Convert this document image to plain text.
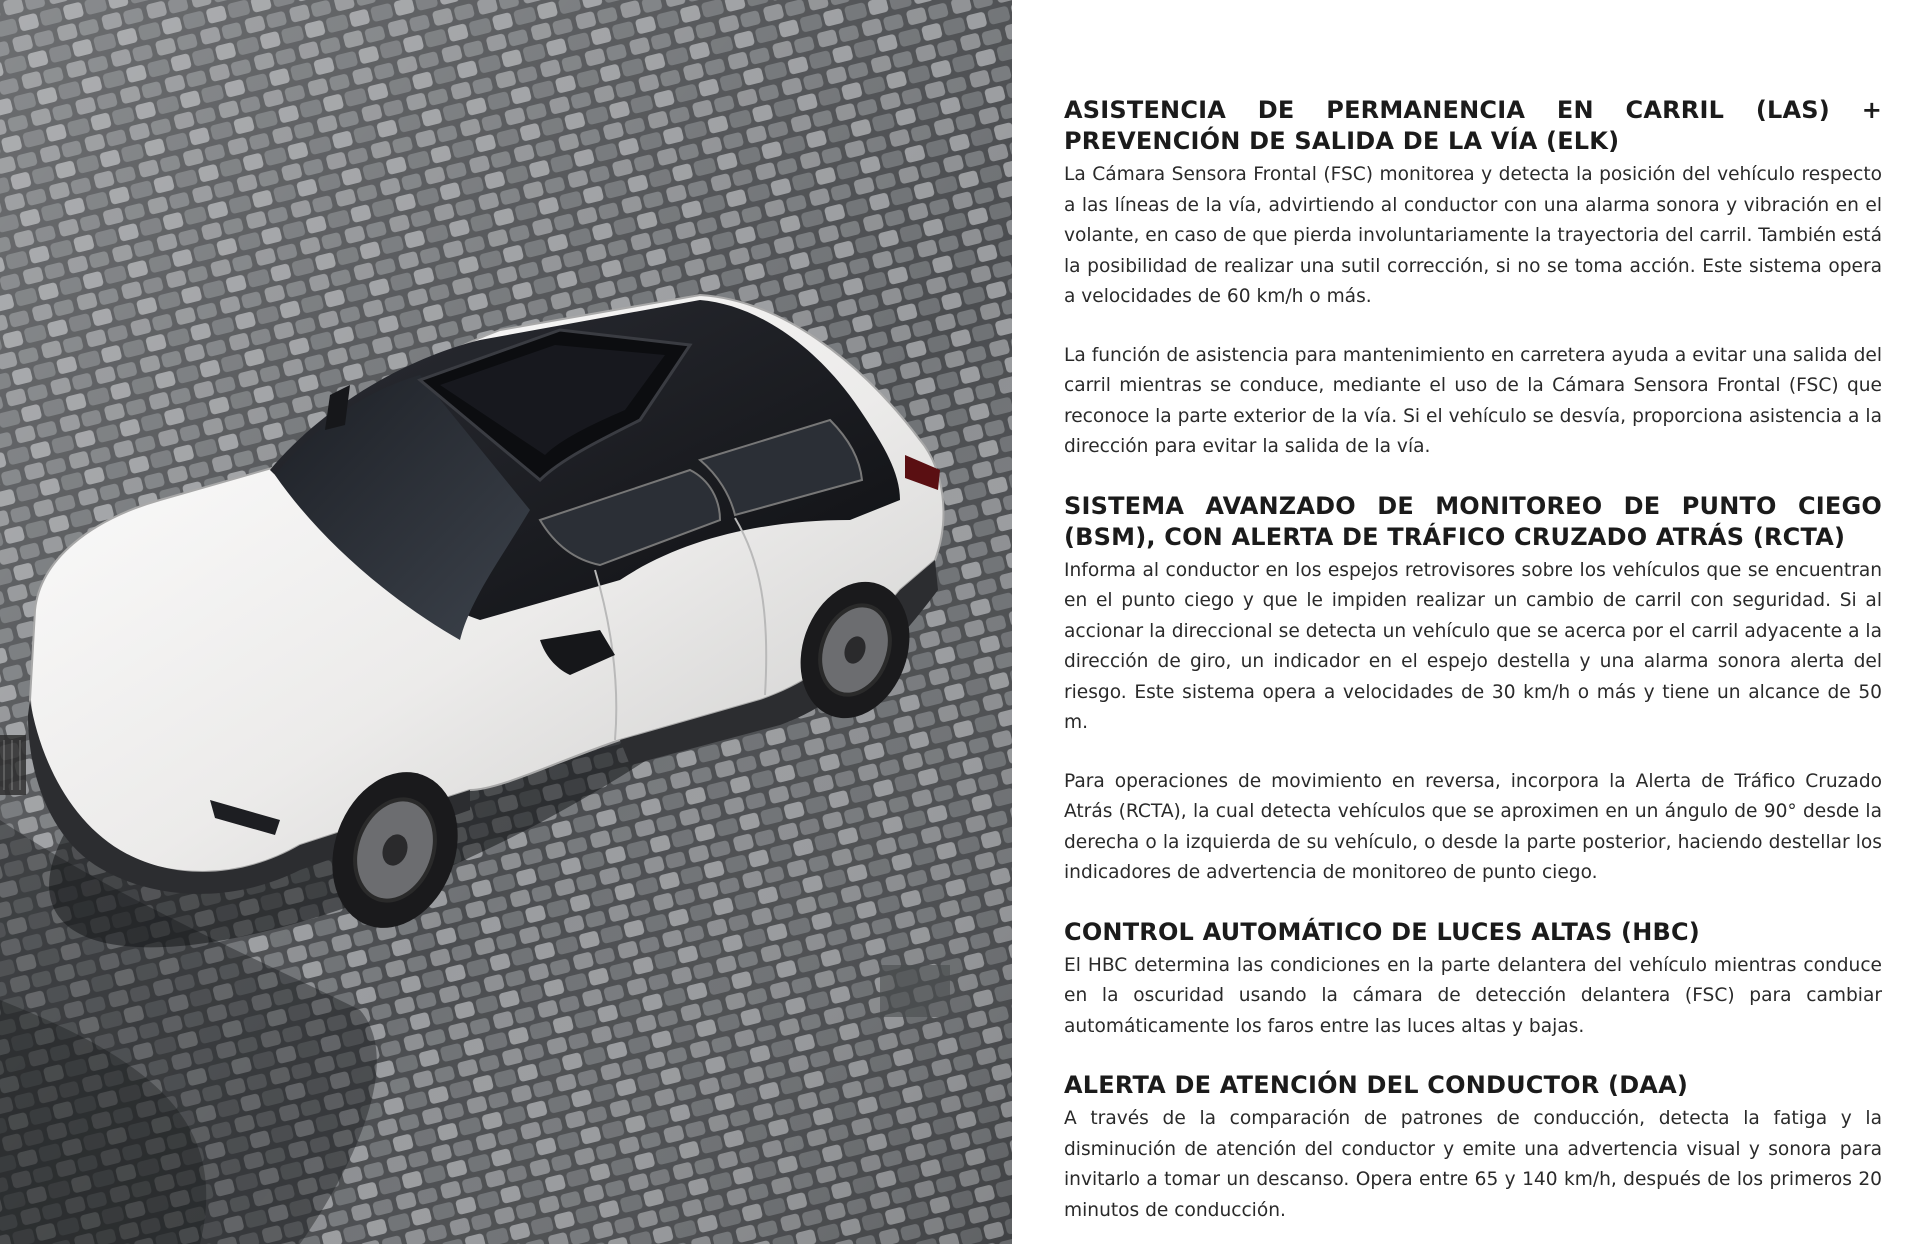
ASISTENCIA DE PERMANENCIA EN CARRIL (LAS) + PREVENCIÓN DE SALIDA DE LA VÍA (ELK)

La Cámara Sensora Frontal (FSC) monitorea y detecta la posición del vehículo respecto a las líneas de la vía, advirtiendo al conductor con una alarma sonora y vibración en el volante, en caso de que pierda involuntariamente la trayectoria del carril. También está la posibilidad de realizar una sutil corrección, si no se toma acción. Este sistema opera a velocidades de 60 km/h o más.

La función de asistencia para mantenimiento en carretera ayuda a evitar una salida del carril mientras se conduce, mediante el uso de la Cámara Sensora Frontal (FSC) que reconoce la parte exterior de la vía. Si el vehículo se desvía, proporciona asistencia a la dirección para evitar la salida de la vía.

SISTEMA AVANZADO DE MONITOREO DE PUNTO CIEGO (BSM), CON ALERTA DE TRÁFICO CRUZADO ATRÁS (RCTA)

Informa al conductor en los espejos retrovisores sobre los vehículos que se encuentran en el punto ciego y que le impiden realizar un cambio de carril con seguridad. Si al accionar la direccional se detecta un vehículo que se acerca por el carril adyacente a la dirección de giro, un indicador en el espejo destella y una alarma sonora alerta del riesgo. Este sistema opera a velocidades de 30 km/h o más y tiene un alcance de 50 m.

Para operaciones de movimiento en reversa, incorpora la Alerta de Tráfico Cruzado Atrás (RCTA), la cual detecta vehículos que se aproximen en un ángulo de 90° desde la derecha o la izquierda de su vehículo, o desde la parte posterior, haciendo destellar los indicadores de advertencia de monitoreo de punto ciego.

CONTROL AUTOMÁTICO DE LUCES ALTAS (HBC)

El HBC determina las condiciones en la parte delantera del vehículo mientras conduce en la oscuridad usando la cámara de detección delantera (FSC) para cambiar automáticamente los faros entre las luces altas y bajas.

ALERTA DE ATENCIÓN DEL CONDUCTOR (DAA)

A través de la comparación de patrones de conducción, detecta la fatiga y la disminución de atención del conductor y emite una advertencia visual y sonora para invitarlo a tomar un descanso. Opera entre 65 y 140 km/h, después de los primeros 20 minutos de conducción.
